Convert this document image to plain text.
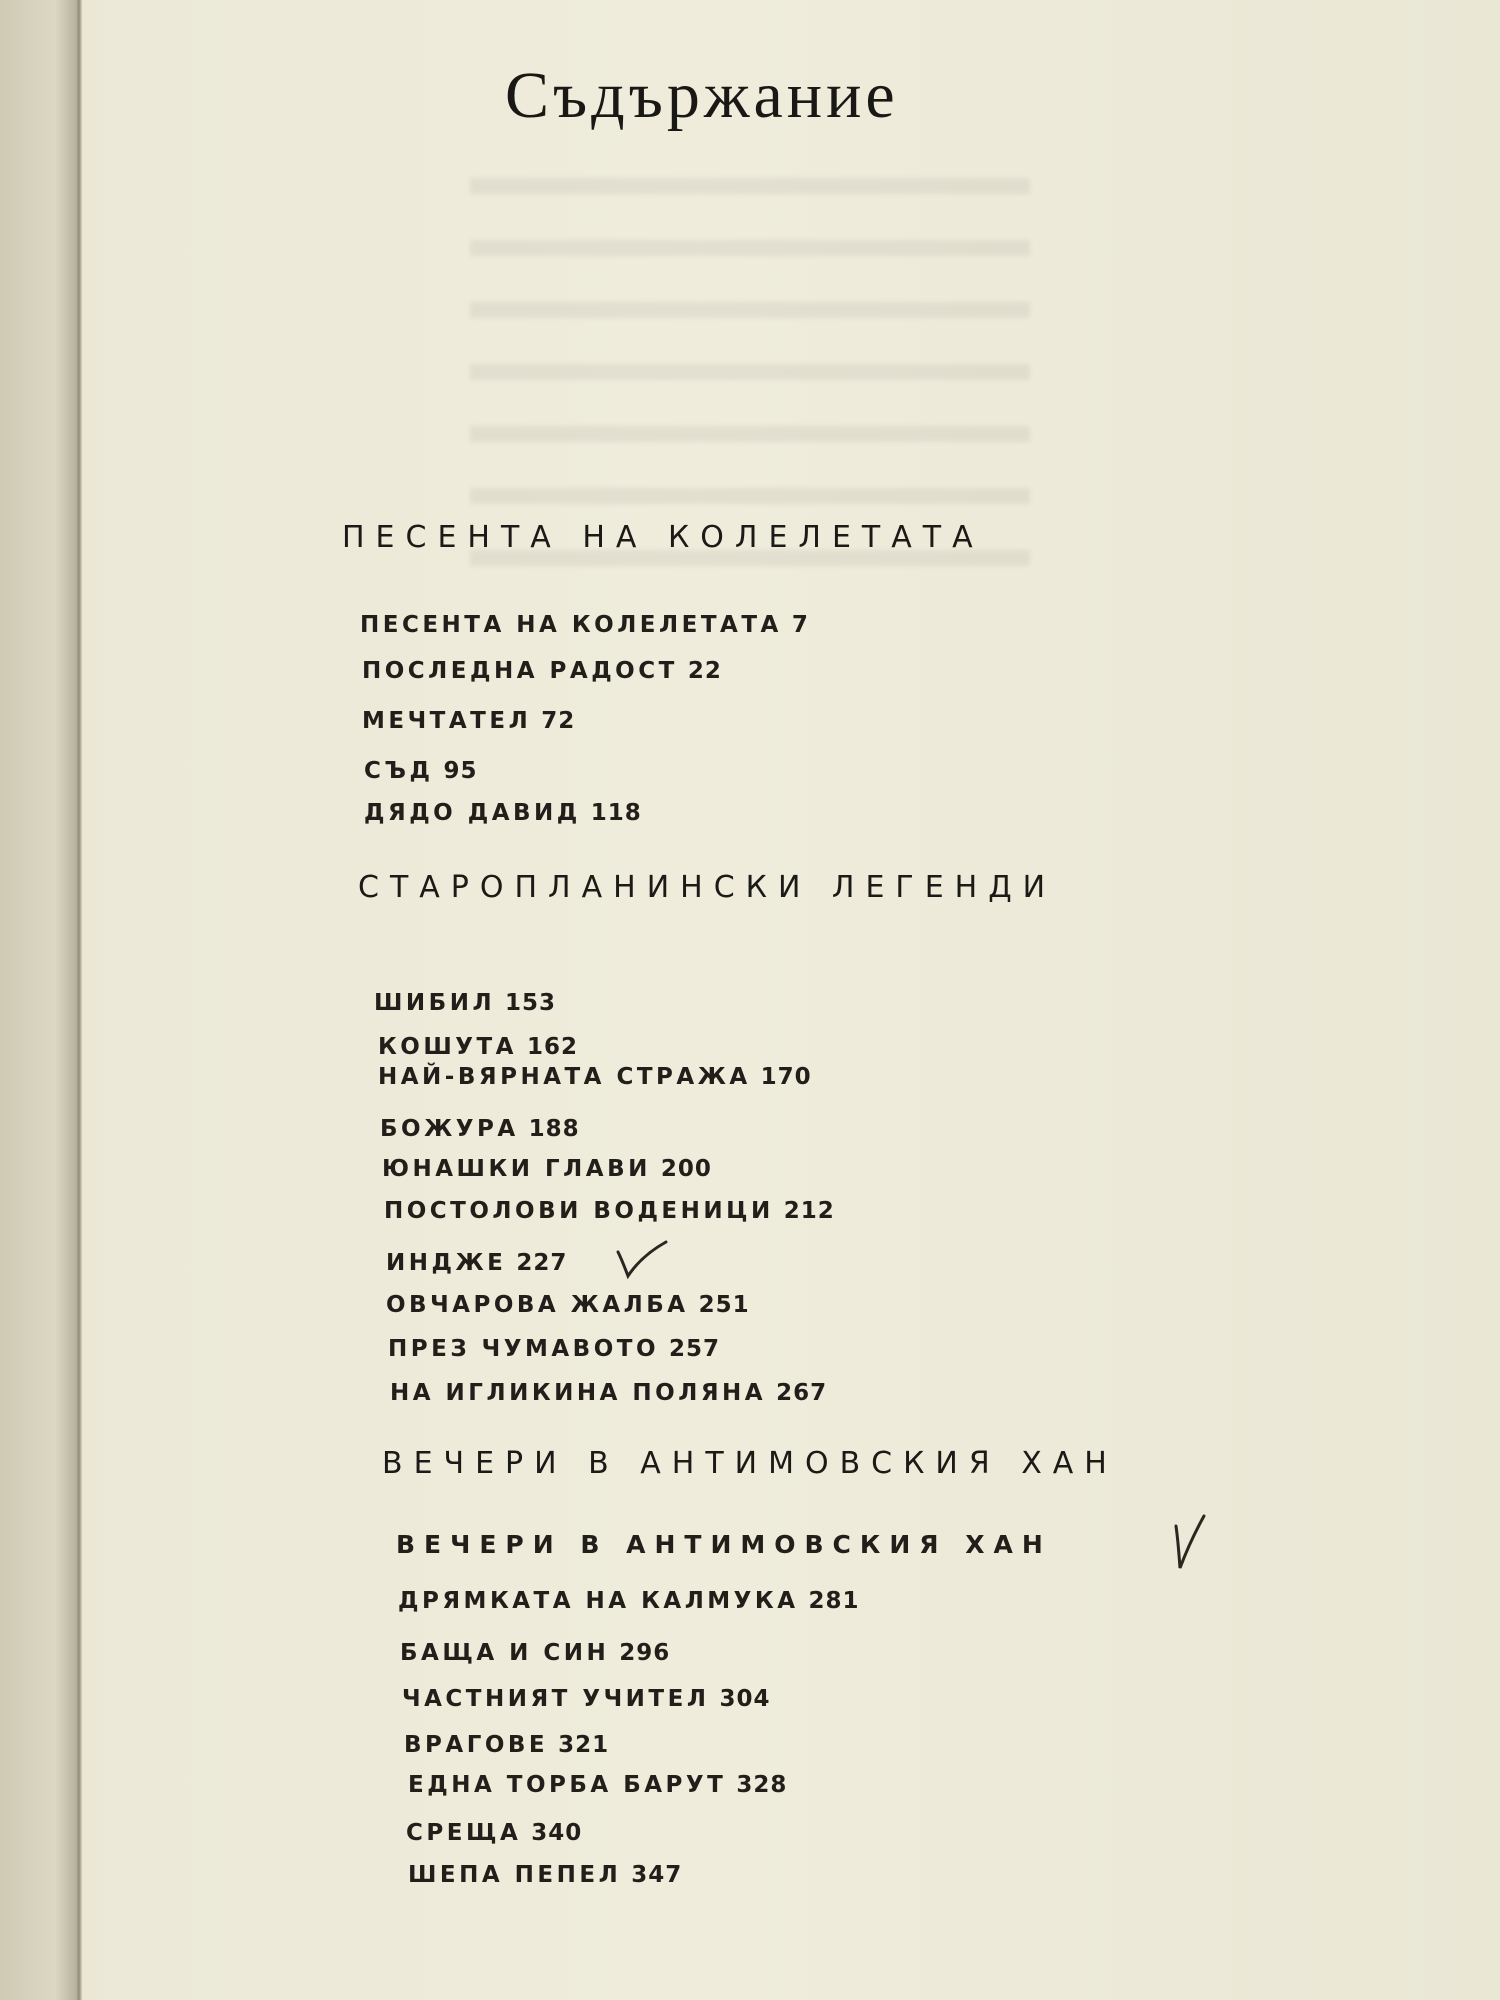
Съдържание
ПЕСЕНТА НА КОЛЕЛЕТАТА
ПЕСЕНТА НА КОЛЕЛЕТАТА 7
ПОСЛЕДНА РАДОСТ 22
МЕЧТАТЕЛ 72
СЪД 95
ДЯДО ДАВИД 118
СТАРОПЛАНИНСКИ ЛЕГЕНДИ
ШИБИЛ 153
КОШУТА 162
НАЙ-ВЯРНАТА СТРАЖА 170
БОЖУРА 188
ЮНАШКИ ГЛАВИ 200
ПОСТОЛОВИ ВОДЕНИЦИ 212
ИНДЖЕ 227
ОВЧАРОВА ЖАЛБА 251
ПРЕЗ ЧУМАВОТО 257
НА ИГЛИКИНА ПОЛЯНА 267
ВЕЧЕРИ В АНТИМОВСКИЯ ХАН
ВЕЧЕРИ В АНТИМОВСКИЯ ХАН
ДРЯМКАТА НА КАЛМУКА 281
БАЩА И СИН 296
ЧАСТНИЯТ УЧИТЕЛ 304
ВРАГОВЕ 321
ЕДНА ТОРБА БАРУТ 328
СРЕЩА 340
ШЕПА ПЕПЕЛ 347
